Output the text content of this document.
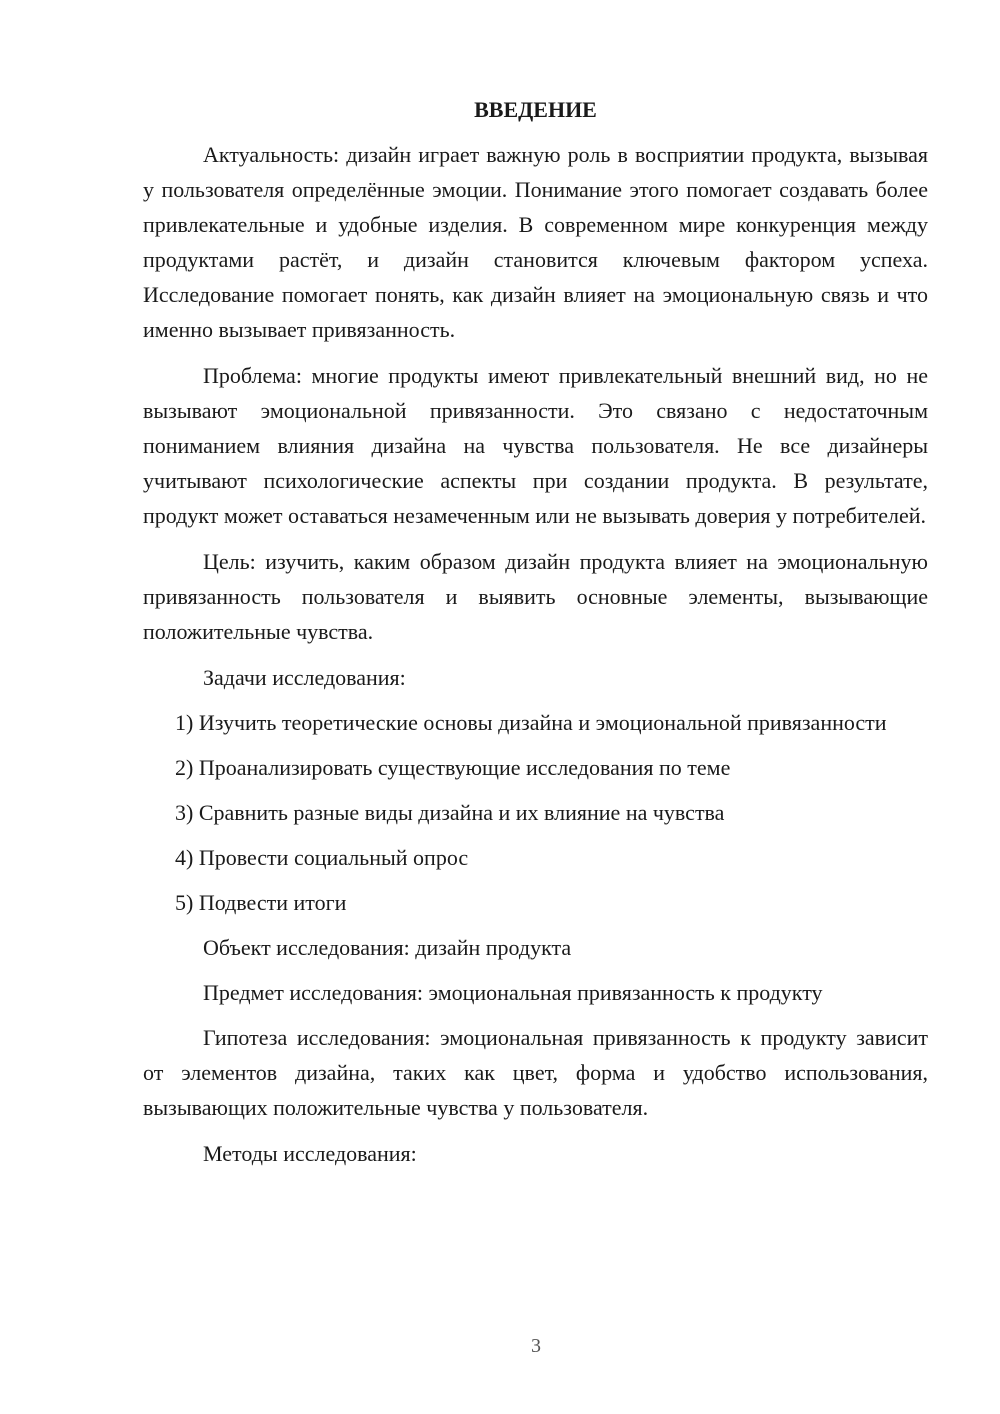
ВВЕДЕНИЕ

Актуальность: дизайн играет важную роль в восприятии продукта, вызывая у пользователя определённые эмоции. Понимание этого помогает создавать более привлекательные и удобные изделия. В современном мире конкуренция между продуктами растёт, и дизайн становится ключевым фактором успеха. Исследование помогает понять, как дизайн влияет на эмоциональную связь и что именно вызывает привязанность.

Проблема: многие продукты имеют привлекательный внешний вид, но не вызывают эмоциональной привязанности. Это связано с недостаточным пониманием влияния дизайна на чувства пользователя. Не все дизайнеры учитывают психологические аспекты при создании продукта. В результате, продукт может оставаться незамеченным или не вызывать доверия у потребителей.

Цель: изучить, каким образом дизайн продукта влияет на эмоциональную привязанность пользователя и выявить основные элементы, вызывающие положительные чувства.

Задачи исследования:

1) Изучить теоретические основы дизайна и эмоциональной привязанности

2) Проанализировать существующие исследования по теме

3) Сравнить разные виды дизайна и их влияние на чувства

4) Провести социальный опрос

5) Подвести итоги

Объект исследования: дизайн продукта

Предмет исследования: эмоциональная привязанность к продукту

Гипотеза исследования: эмоциональная привязанность к продукту зависит от элементов дизайна, таких как цвет, форма и удобство использования, вызывающих положительные чувства у пользователя.

Методы исследования:

3
